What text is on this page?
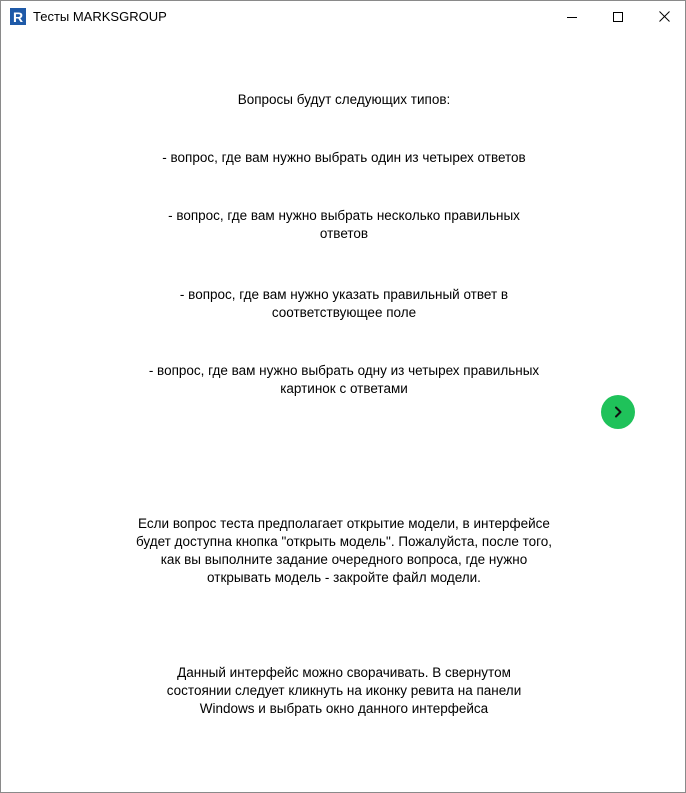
R Тесты MARKSGROUP

Вопросы будут следующих типов:

- вопрос, где вам нужно выбрать один из четырех ответов

- вопрос, где вам нужно выбрать несколько правильных ответов

- вопрос, где вам нужно указать правильный ответ в соответствующее поле

- вопрос, где вам нужно выбрать одну из четырех правильных картинок с ответами

Если вопрос теста предполагает открытие модели, в интерфейсе будет доступна кнопка "открыть модель". Пожалуйста, после того, как вы выполните задание очередного вопроса, где нужно открывать модель - закройте файл модели.

Данный интерфейс можно сворачивать. В свернутом состоянии следует кликнуть на иконку ревита на панели Windows и выбрать окно данного интерфейса
